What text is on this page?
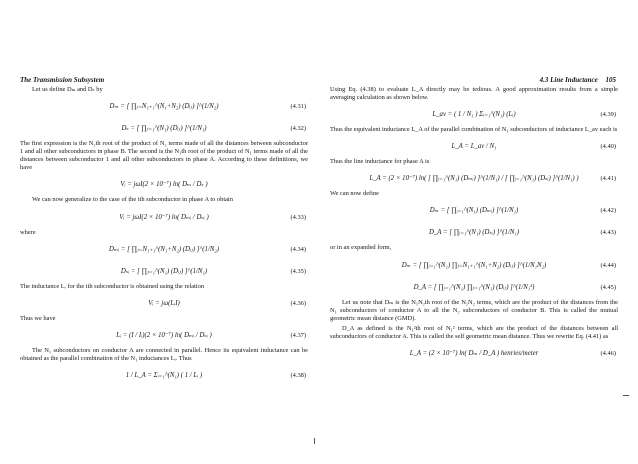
The Transmission Subsystem	4.3 Line Inductance 105

Let us define Dₘ and Dₛ by

Dₘ = [ ∏ⱼ₌N₁₊₁^(N₁+N₂) (Dᵢⱼ) ]^(1/N₂)	(4.31)
Dₛ = [ ∏ⱼ₌₁^(N₁) (Dᵢⱼ) ]^(1/N₁)	(4.32)

The first expression is the N₂th root of the product of N₂ terms made of all the distances between subconductor 1 and all other subconductors in phase B. The second is the N₁th root of the product of N₁ terms made of all the distances between subconductor 1 and all other subconductors in phase A. According to these definitions, we have

Vᵢ = jωI(2 × 10⁻⁷) ln( Dₘ / Dₛ )

We can now generalize to the case of the ith subconductor in phase A to obtain

Vᵢ = jωI(2 × 10⁻⁷) ln( Dₘᵢ / Dₛᵢ )	(4.33)

where

Dₘᵢ = [ ∏ⱼ₌N₁₊₁^(N₁+N₂) (Dᵢⱼ) ]^(1/N₂)	(4.34)
Dₛᵢ = [ ∏ⱼ₌₁^(N₁) (Dᵢⱼ) ]^(1/N₁)	(4.35)

The inductance Lᵢ for the ith subconductor is obtained using the relation

Vᵢ = jω(LᵢI)	(4.36)

Thus we have

Lᵢ = (I / Iᵢ)(2 × 10⁻⁷) ln( Dₘᵢ / Dₛᵢ )	(4.37)

The N₁ subconductors on conductor A are connected in parallel. Hence its equivalent inductance can be obtained as the parallel combination of the N₁ inductances Lᵢ. Thus

1 / L_A = Σᵢ₌₁^(N₁) ( 1 / Lᵢ )	(4.38)

Using Eq. (4.38) to evaluate L_A directly may be tedious. A good approximation results from a simple averaging calculation as shown below.

L_av = ( 1 / N₁ ) Σᵢ₌₁^(N₁) (Lᵢ)	(4.39)

Thus the equivalent inductance L_A of the parallel combination of N₁ subconductors of inductance L_av each is

L_A = L_av / N₁	(4.40)

Thus the line inductance for phase A is

L_A = (2 × 10⁻⁷) ln( [ ∏ᵢ₌₁^(N₁) (Dₘᵢ) ]^(1/N₁) / [ ∏ᵢ₌₁^(N₁) (Dₛᵢ) ]^(1/N₁) )	(4.41)

We can now define

Dₘ = [ ∏ᵢ₌₁^(N₁) (Dₘᵢ) ]^(1/N₁)	(4.42)
D_A = [ ∏ᵢ₌₁^(N₁) (Dₛᵢ) ]^(1/N₁)	(4.43)

or in an expanded form,

Dₘ = [ ∏ᵢ₌₁^(N₁) ∏ⱼ₌N₁₊₁^(N₁+N₂) (Dᵢⱼ) ]^(1/N₁N₂)	(4.44)
D_A = [ ∏ᵢ₌₁^(N₁) ∏ⱼ₌₁^(N₁) (Dᵢⱼ) ]^(1/N₁²)	(4.45)

Let us note that Dₘ is the N₁N₂th root of the N₁N₂ terms, which are the product of the distances from the N₁ subconductors of conductor A to all the N₂ subconductors of conductor B. This is called the mutual geometric mean distance (GMD).

D_A as defined is the N₁²th root of N₁² terms, which are the product of the distances between all subconductors of conductor A. This is called the self geometric mean distance. Thus we rewrite Eq. (4.41) as

L_A = (2 × 10⁻⁷) ln( Dₘ / D_A ) henries/meter	(4.46)
